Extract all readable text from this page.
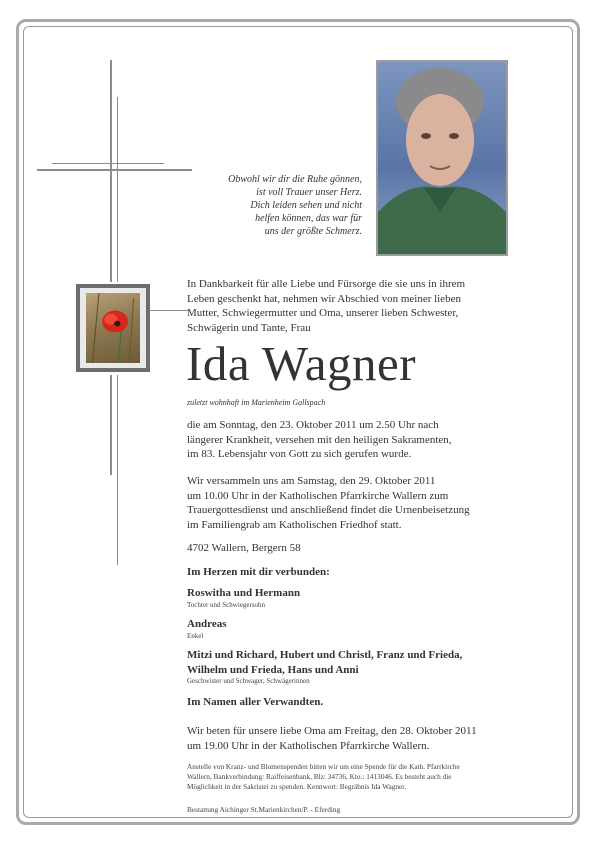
Obwohl wir dir die Ruhe gönnen,
ist voll Trauer unser Herz.
Dich leiden sehen und nicht
helfen können, das war für
uns der größte Schmerz.
In Dankbarkeit für alle Liebe und Fürsorge die sie uns in ihrem
Leben geschenkt hat, nehmen wir Abschied von meiner lieben
Mutter, Schwiegermutter und Oma, unserer lieben Schwester,
Schwägerin und Tante, Frau
Ida Wagner
zuletzt wohnhaft im Marienheim Gallspach
die am Sonntag, den 23. Oktober 2011 um 2.50 Uhr nach
längerer Krankheit, versehen mit den heiligen Sakramenten,
im 83. Lebensjahr von Gott zu sich gerufen wurde.
Wir versammeln uns am Samstag, den 29. Oktober 2011
um 10.00 Uhr in der Katholischen Pfarrkirche Wallern zum
Trauergottesdienst und anschließend findet die Urnenbeisetzung
im Familiengrab am Katholischen Friedhof statt.
4702 Wallern, Bergern 58
Im Herzen mit dir verbunden:
Roswitha und Hermann
Tochter und Schwiegersohn
Andreas
Enkel
Mitzi und Richard, Hubert und Christl, Franz und Frieda,
Wilhelm und Frieda, Hans und Anni
Geschwister und Schwager, Schwägerinnen
Im Namen aller Verwandten.
Wir beten für unsere liebe Oma am Freitag, den 28. Oktober 2011
um 19.00 Uhr in der Katholischen Pfarrkirche Wallern.
Anstelle von Kranz- und Blumenspenden bitten wir um eine Spende für die Kath. Pfarrkirche
Wallern, Bankverbindung: Raiffeisenbank, Blz: 34736, Kto.: 1413046. Es besteht auch die
Möglichkeit in der Sakristei zu spenden. Kennwort: Begräbnis Ida Wagner.
Bestattung Aichinger St.Marienkirchen/P. - Eferding
